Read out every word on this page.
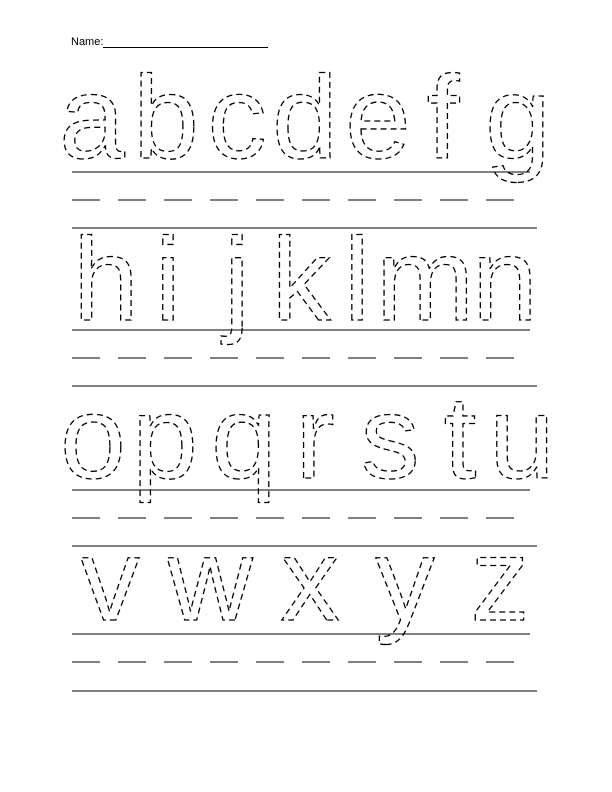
Name:
a b c d e f g
h i j k l m
n
o p q r s t u
v w x y z
